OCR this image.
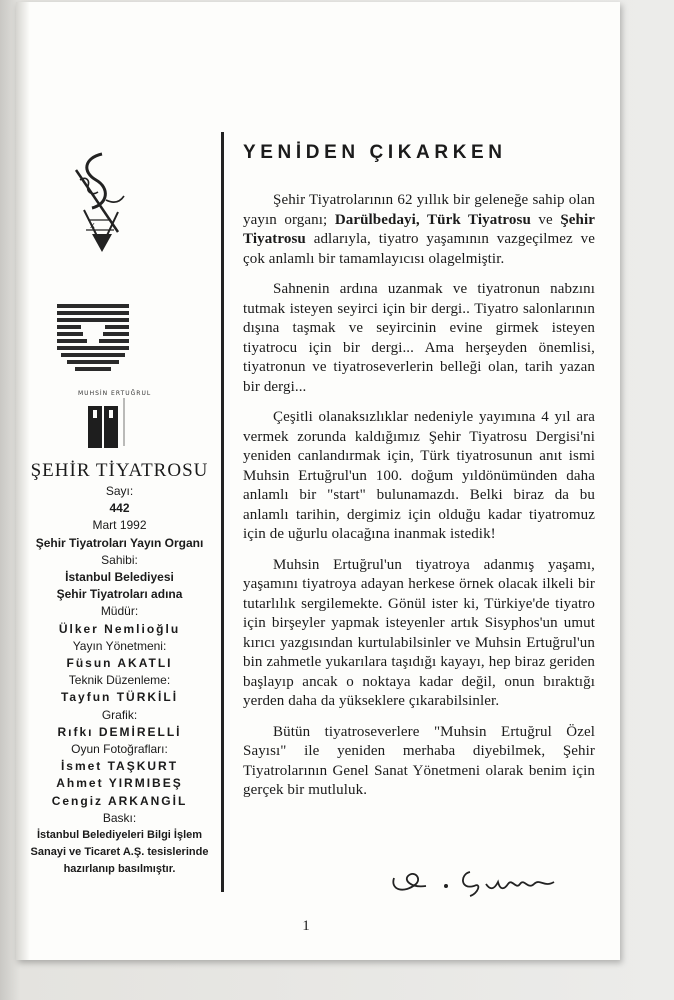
X
MUHSİN ERTUĞRUL
ŞEHİR TİYATROSU
Sayı:
442
Mart 1992
Şehir Tiyatroları Yayın Organı
Sahibi:
İstanbul Belediyesi
Şehir Tiyatroları adına
Müdür:
Ülker Nemlioğlu
Yayın Yönetmeni:
Füsun AKATLI
Teknik Düzenleme:
Tayfun TÜRKİLİ
Grafik:
Rıfkı DEMİRELLİ
Oyun Fotoğrafları:
İsmet TAŞKURT
Ahmet YIRMIBEŞ
Cengiz ARKANGİL
Baskı:
İstanbul Belediyeleri Bilgi İşlem
Sanayi ve Ticaret A.Ş. tesislerinde
hazırlanıp basılmıştır.
YENİDEN ÇIKARKEN

Şehir Tiyatrolarının 62 yıllık bir geleneğe sahip olan yayın organı; Darülbedayi, Türk Tiyatrosu ve Şehir Tiyatrosu adlarıyla, tiyatro yaşamının vazgeçilmez ve çok anlamlı bir tamamlayıcısı olagelmiştir.

Sahnenin ardına uzanmak ve tiyatronun nabzını tutmak isteyen seyirci için bir dergi.. Tiyatro salonlarının dışına taşmak ve seyircinin evine girmek isteyen tiyatrocu için bir dergi... Ama herşeyden önemlisi, tiyatronun ve tiyatroseverlerin belleği olan, tarih yazan bir dergi...

Çeşitli olanaksızlıklar nedeniyle yayımına 4 yıl ara vermek zorunda kaldığımız Şehir Tiyatrosu Dergisi'ni yeniden canlandırmak için, Türk tiyatrosunun anıt ismi Muhsin Ertuğrul'un 100. doğum yıldönümünden daha anlamlı bir "start" bulunamazdı. Belki biraz da bu anlamlı tarihin, dergimiz için olduğu kadar tiyatromuz için de uğurlu olacağına inanmak istedik!

Muhsin Ertuğrul'un tiyatroya adanmış yaşamı, yaşamını tiyatroya adayan herkese örnek olacak ilkeli bir tutarlılık sergilemekte. Gönül ister ki, Türkiye'de tiyatro için birşeyler yapmak isteyenler artık Sisyphos'un umut kırıcı yazgısından kurtulabilsinler ve Muhsin Ertuğrul'un bin zahmetle yukarılara taşıdığı kayayı, hep biraz geriden başlayıp ancak o noktaya kadar değil, onun bıraktığı yerden daha da yükseklere çıkarabilsinler.

Bütün tiyatroseverlere "Muhsin Ertuğrul Özel Sayısı" ile yeniden merhaba diyebilmek, Şehir Tiyatrolarının Genel Sanat Yönetmeni olarak benim için gerçek bir mutluluk.

1
